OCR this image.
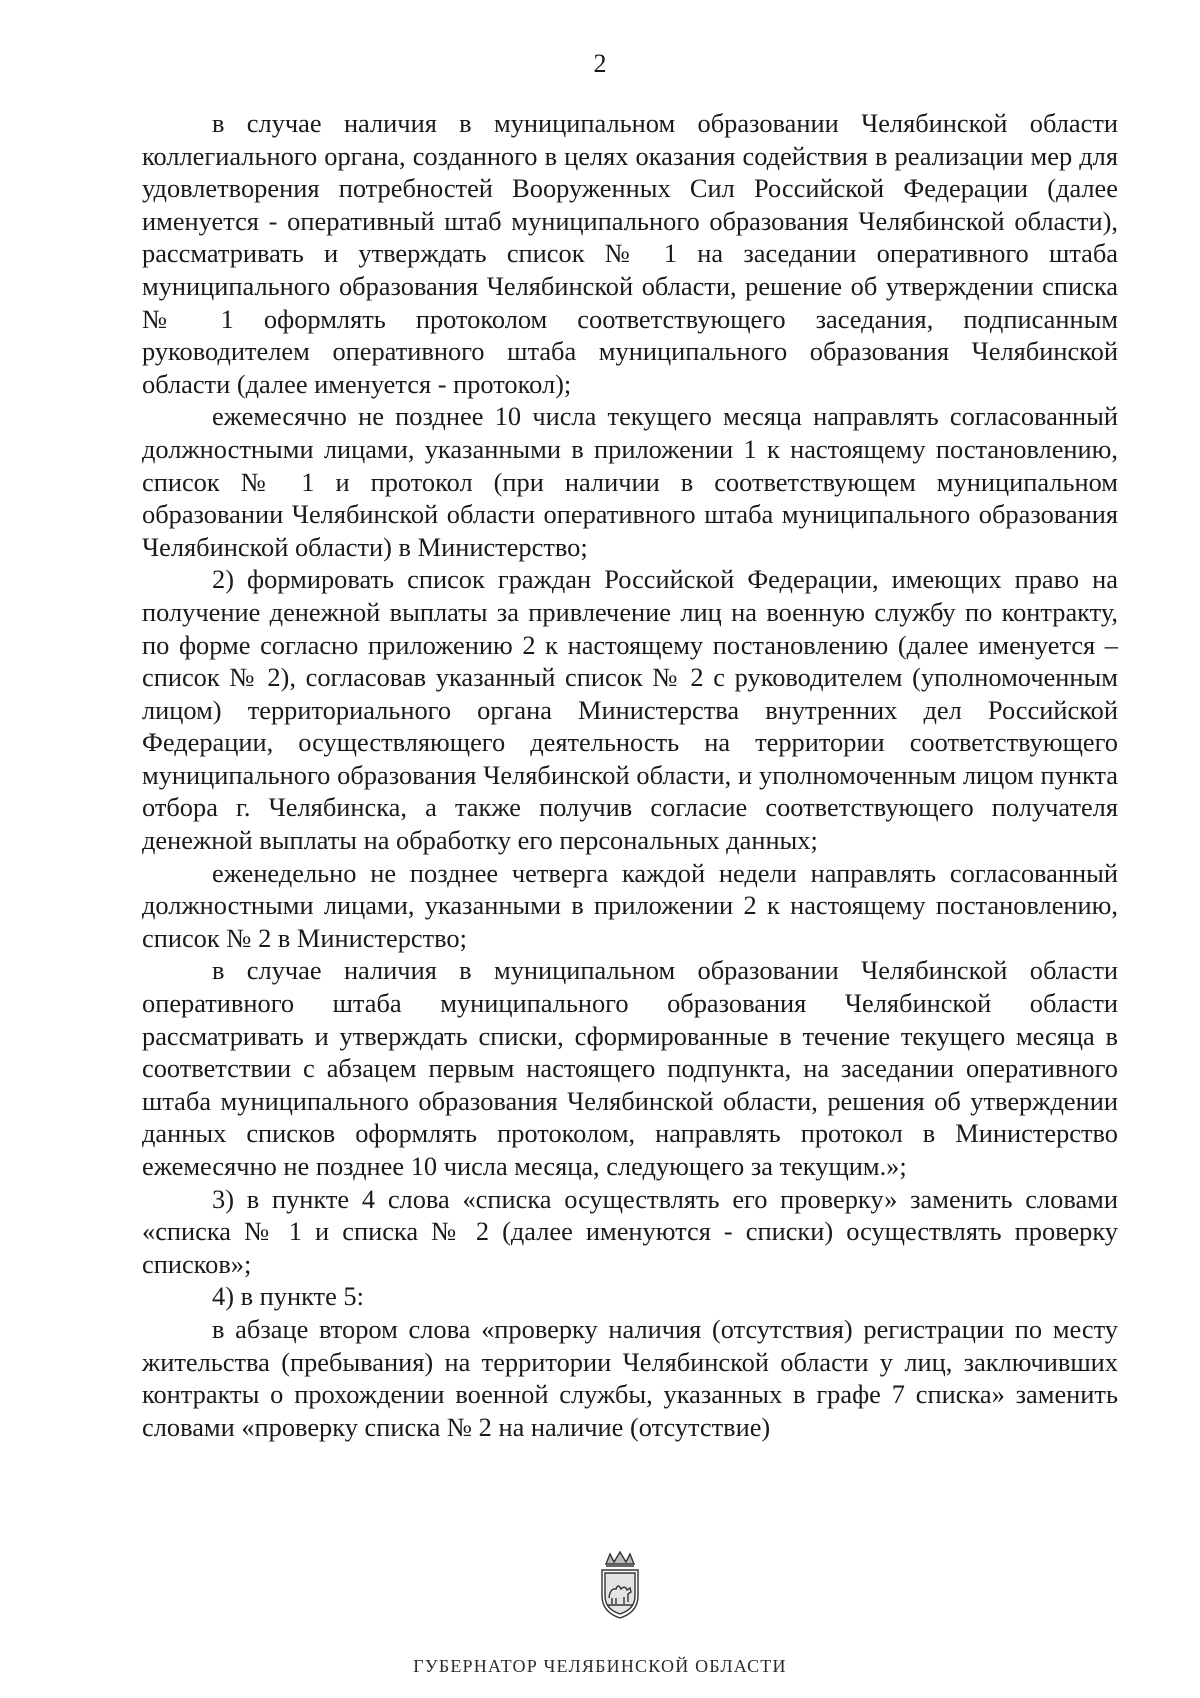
2

в случае наличия в муниципальном образовании Челябинской области коллегиального органа, созданного в целях оказания содействия в реализации мер для удовлетворения потребностей Вооруженных Сил Российской Федерации (далее именуется - оперативный штаб муниципального образования Челябинской области), рассматривать и утверждать список № 1 на заседании оперативного штаба муниципального образования Челябинской области, решение об утверждении списка № 1 оформлять протоколом соответствующего заседания, подписанным руководителем оперативного штаба муниципального образования Челябинской области (далее именуется - протокол);

ежемесячно не позднее 10 числа текущего месяца направлять согласованный должностными лицами, указанными в приложении 1 к настоящему постановлению, список № 1 и протокол (при наличии в соответствующем муниципальном образовании Челябинской области оперативного штаба муниципального образования Челябинской области) в Министерство;

2) формировать список граждан Российской Федерации, имеющих право на получение денежной выплаты за привлечение лиц на военную службу по контракту, по форме согласно приложению 2 к настоящему постановлению (далее именуется – список № 2), согласовав указанный список № 2 с руководителем (уполномоченным лицом) территориального органа Министерства внутренних дел Российской Федерации, осуществляющего деятельность на территории соответствующего муниципального образования Челябинской области, и уполномоченным лицом пункта отбора г. Челябинска, а также получив согласие соответствующего получателя денежной выплаты на обработку его персональных данных;

еженедельно не позднее четверга каждой недели направлять согласованный должностными лицами, указанными в приложении 2 к настоящему постановлению, список № 2 в Министерство;

в случае наличия в муниципальном образовании Челябинской области оперативного штаба муниципального образования Челябинской области рассматривать и утверждать списки, сформированные в течение текущего месяца в соответствии с абзацем первым настоящего подпункта, на заседании оперативного штаба муниципального образования Челябинской области, решения об утверждении данных списков оформлять протоколом, направлять протокол в Министерство ежемесячно не позднее 10 числа месяца, следующего за текущим.»;

3) в пункте 4 слова «списка осуществлять его проверку» заменить словами «списка № 1 и списка № 2 (далее именуются - списки) осуществлять проверку списков»;

4) в пункте 5:

в абзаце втором слова «проверку наличия (отсутствия) регистрации по месту жительства (пребывания) на территории Челябинской области у лиц, заключивших контракты о прохождении военной службы, указанных в графе 7 списка» заменить словами «проверку списка № 2 на наличие (отсутствие)

ГУБЕРНАТОР ЧЕЛЯБИНСКОЙ ОБЛАСТИ
